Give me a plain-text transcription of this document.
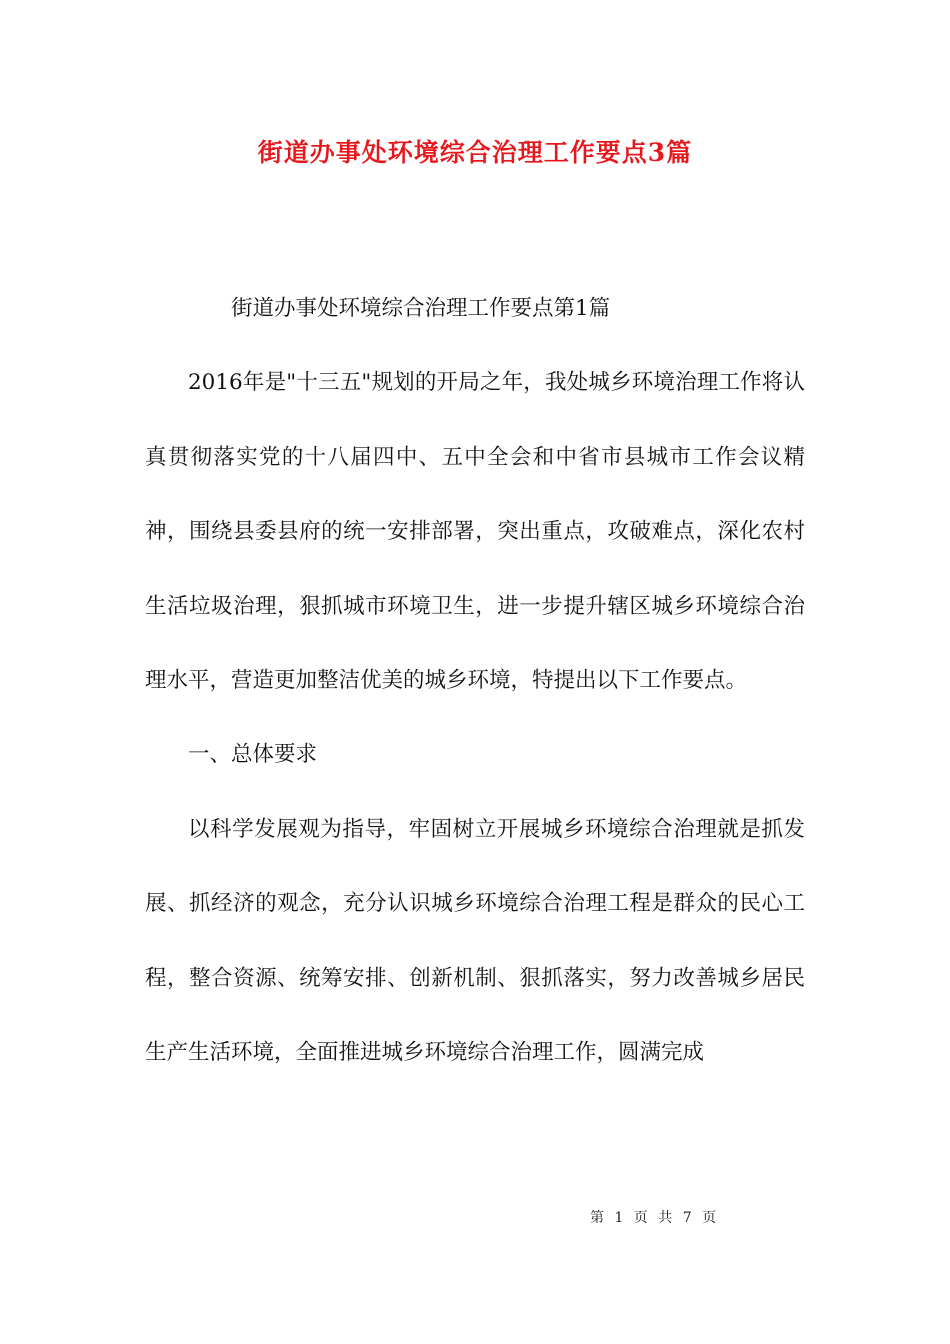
街道办事处环境综合治理工作要点3篇

街道办事处环境综合治理工作要点第1篇

2016年是"十三五"规划的开局之年，我处城乡环境治理工作将认真贯彻落实党的十八届四中、五中全会和中省市县城市工作会议精神，围绕县委县府的统一安排部署，突出重点，攻破难点，深化农村生活垃圾治理，狠抓城市环境卫生，进一步提升辖区城乡环境综合治理水平，营造更加整洁优美的城乡环境，特提出以下工作要点。

一、总体要求

以科学发展观为指导，牢固树立开展城乡环境综合治理就是抓发展、抓经济的观念，充分认识城乡环境综合治理工程是群众的民心工程，整合资源、统筹安排、创新机制、狠抓落实，努力改善城乡居民生产生活环境，全面推进城乡环境综合治理工作，圆满完成

第 1 页 共 7 页
